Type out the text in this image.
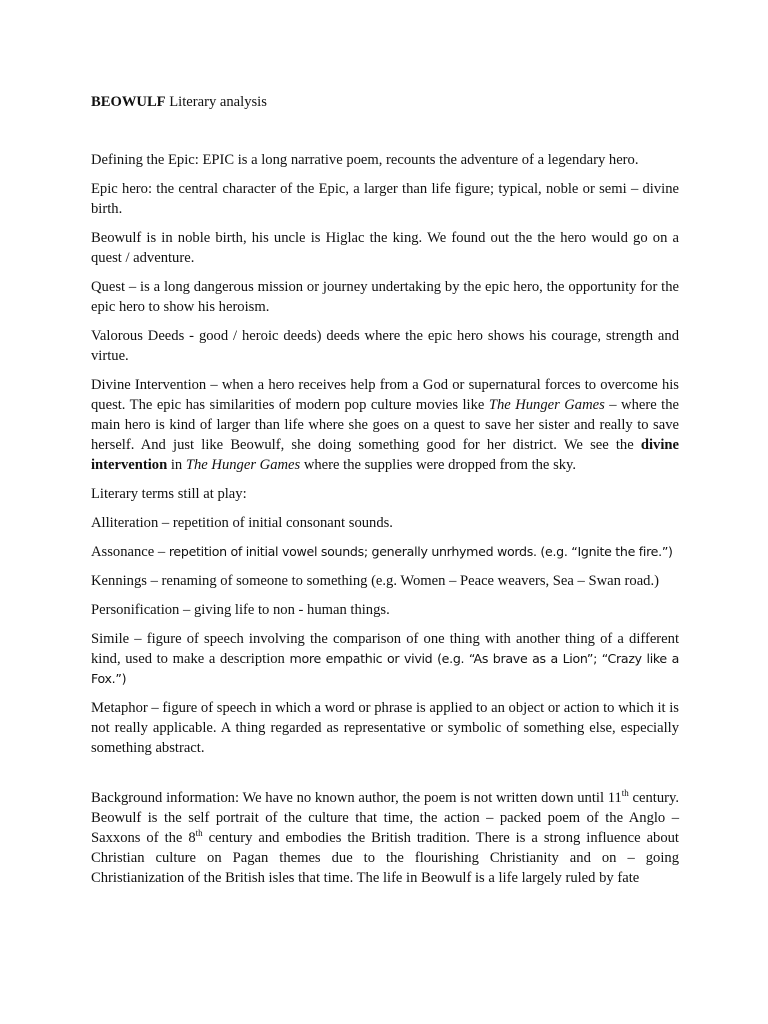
BEOWULF Literary analysis

Defining the Epic: EPIC is a long narrative poem, recounts the adventure of a legendary hero.

Epic hero: the central character of the Epic, a larger than life figure; typical, noble or semi – divine birth.

Beowulf is in noble birth, his uncle is Higlac the king. We found out the the hero would go on a quest / adventure.

Quest – is a long dangerous mission or journey undertaking by the epic hero, the opportunity for the epic hero to show his heroism.

Valorous Deeds - good / heroic deeds) deeds where the epic hero shows his courage, strength and virtue.

Divine Intervention – when a hero receives help from a God or supernatural forces to overcome his quest. The epic has similarities of modern pop culture movies like The Hunger Games – where the main hero is kind of larger than life where she goes on a quest to save her sister and really to save herself. And just like Beowulf, she doing something good for her district. We see the divine intervention in The Hunger Games where the supplies were dropped from the sky.

Literary terms still at play:

Alliteration – repetition of initial consonant sounds.

Assonance – repetition of initial vowel sounds; generally unrhymed words. (e.g. “Ignite the fire.”)

Kennings – renaming of someone to something (e.g. Women – Peace weavers, Sea – Swan road.)

Personification – giving life to non - human things.

Simile – figure of speech involving the comparison of one thing with another thing of a different kind, used to make a description more empathic or vivid (e.g. “As brave as a Lion”; “Crazy like a Fox.”)

Metaphor – figure of speech in which a word or phrase is applied to an object or action to which it is not really applicable. A thing regarded as representative or symbolic of something else, especially something abstract.

Background information: We have no known author, the poem is not written down until 11th century. Beowulf is the self portrait of the culture that time, the action – packed poem of the Anglo – Saxxons of the 8th century and embodies the British tradition. There is a strong influence about Christian culture on Pagan themes due to the flourishing Christianity and on – going Christianization of the British isles that time. The life in Beowulf is a life largely ruled by fate
